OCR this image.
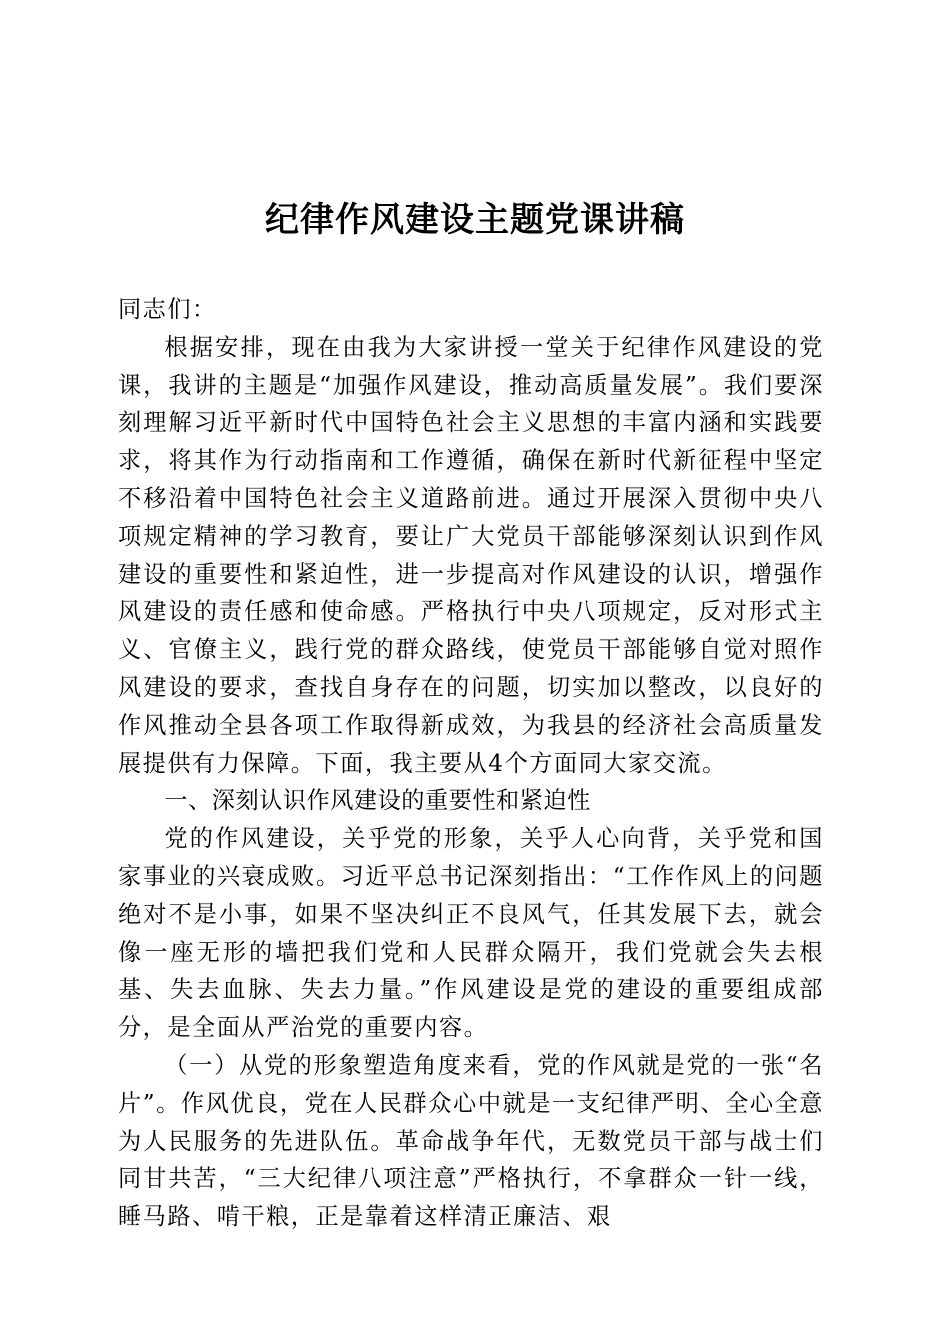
纪律作风建设主题党课讲稿

同志们：

根据安排，现在由我为大家讲授一堂关于纪律作风建设的党课，我讲的主题是“加强作风建设，推动高质量发展”。我们要深刻理解习近平新时代中国特色社会主义思想的丰富内涵和实践要求，将其作为行动指南和工作遵循，确保在新时代新征程中坚定不移沿着中国特色社会主义道路前进。通过开展深入贯彻中央八项规定精神的学习教育，要让广大党员干部能够深刻认识到作风建设的重要性和紧迫性，进一步提高对作风建设的认识，增强作风建设的责任感和使命感。严格执行中央八项规定，反对形式主义、官僚主义，践行党的群众路线，使党员干部能够自觉对照作风建设的要求，查找自身存在的问题，切实加以整改，以良好的作风推动全县各项工作取得新成效，为我县的经济社会高质量发展提供有力保障。下面，我主要从4个方面同大家交流。

一、深刻认识作风建设的重要性和紧迫性

党的作风建设，关乎党的形象，关乎人心向背，关乎党和国家事业的兴衰成败。习近平总书记深刻指出：“工作作风上的问题绝对不是小事，如果不坚决纠正不良风气，任其发展下去，就会像一座无形的墙把我们党和人民群众隔开，我们党就会失去根基、失去血脉、失去力量。”作风建设是党的建设的重要组成部分，是全面从严治党的重要内容。

（一）从党的形象塑造角度来看，党的作风就是党的一张“名片”。作风优良，党在人民群众心中就是一支纪律严明、全心全意为人民服务的先进队伍。革命战争年代，无数党员干部与战士们同甘共苦，“三大纪律八项注意”严格执行，不拿群众一针一线，睡马路、啃干粮，正是靠着这样清正廉洁、艰
